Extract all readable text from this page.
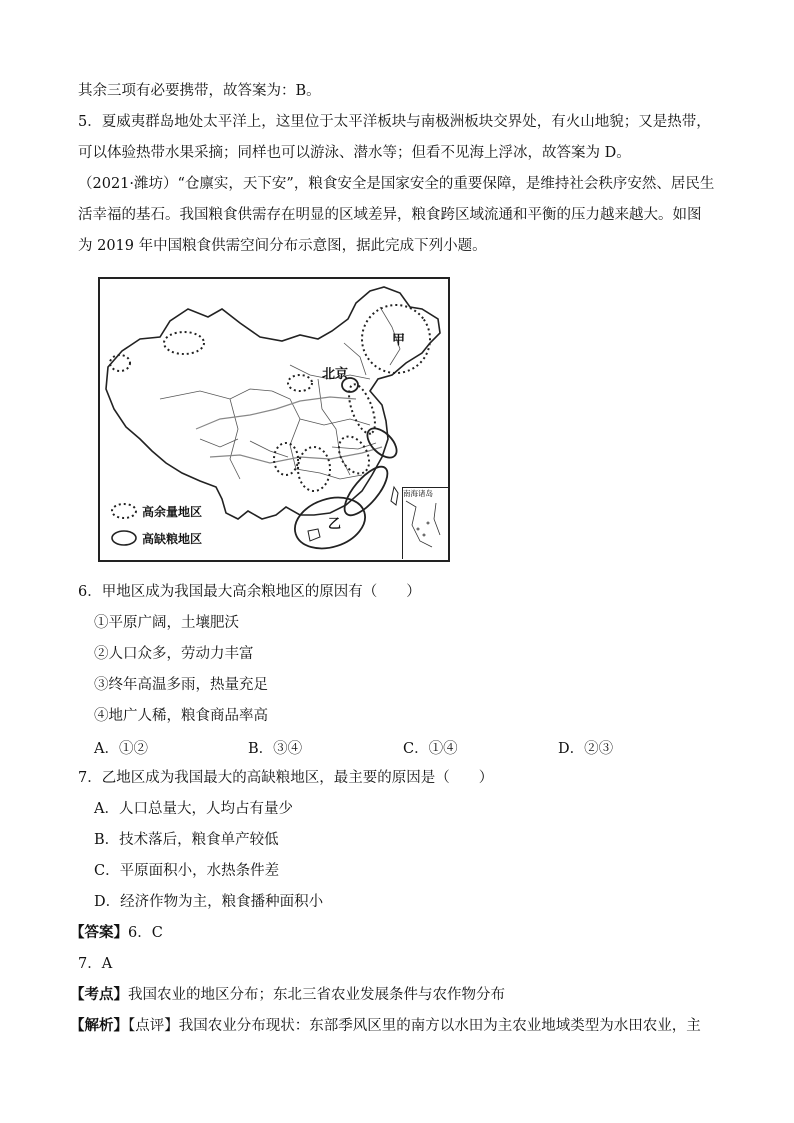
其余三项有必要携带，故答案为：B。
5．夏威夷群岛地处太平洋上，这里位于太平洋板块与南极洲板块交界处，有火山地貌；又是热带，
可以体验热带水果采摘；同样也可以游泳、潜水等；但看不见海上浮冰，故答案为 D。
（2021·潍坊）“仓廪实，天下安”，粮食安全是国家安全的重要保障，是维持社会秩序安然、居民生
活幸福的基石。我国粮食供需存在明显的区域差异，粮食跨区域流通和平衡的压力越来越大。如图
为 2019 年中国粮食供需空间分布示意图，据此完成下列小题。
南海诸岛
北京
甲
乙
高余量地区
高缺粮地区
6．甲地区成为我国最大高余粮地区的原因有（　　）
①平原广阔，土壤肥沃
②人口众多，劳动力丰富
③终年高温多雨，热量充足
④地广人稀，粮食商品率高
A．①②	B．③④	C．①④	D．②③
7．乙地区成为我国最大的高缺粮地区，最主要的原因是（　　）
A．人口总量大，人均占有量少
B．技术落后，粮食单产较低
C．平原面积小，水热条件差
D．经济作物为主，粮食播种面积小
【答案】6．C
7．A
【考点】我国农业的地区分布；东北三省农业发展条件与农作物分布
【解析】【点评】我国农业分布现状：东部季风区里的南方以水田为主农业地域类型为水田农业，主
